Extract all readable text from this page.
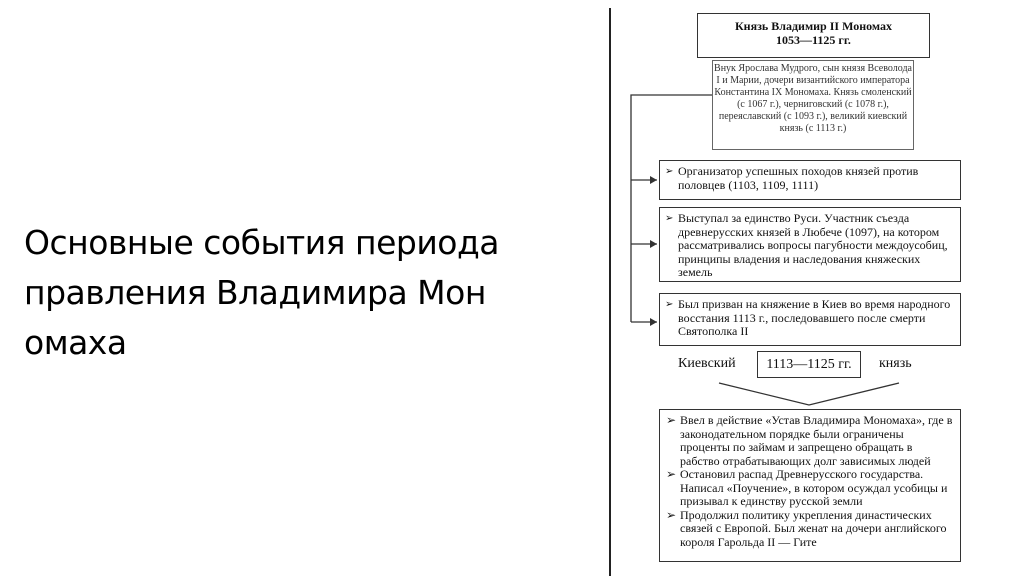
Основные события периода правления Владимира Мон омаха
Князь Владимир II Мономах
1053—1125 гг.
Внук Ярослава Мудрого, сын князя Всеволода I и Марии, дочери византийского императора Константина IX Мономаха. Князь смоленский (с 1067 г.), черниговский (с 1078 г.), переяславский (с 1093 г.), великий киевский князь (с 1113 г.)
➢ Организатор успешных походов князей против половцев (1103, 1109, 1111)
➢ Выступал за единство Руси. Участник съезда древнерусских князей в Любече (1097), на котором рассматривались вопросы пагубности междоусобиц, принципы владения и наследования княжеских земель
➢ Был призван на княжение в Киев во время народного восстания 1113 г., последовавшего после смерти Святополка II
Киевский	1113—1125 гг.	князь
➢ Ввел в действие «Устав Владимира Мономаха», где в законодательном порядке были ограничены проценты по займам и запрещено обращать в рабство отрабатывающих долг зависимых людей
➢ Остановил распад Древнерусского государства. Написал «Поучение», в котором осуждал усобицы и призывал к единству русской земли
➢ Продолжил политику укрепления династических связей с Европой. Был женат на дочери английского короля Гарольда II — Гите
